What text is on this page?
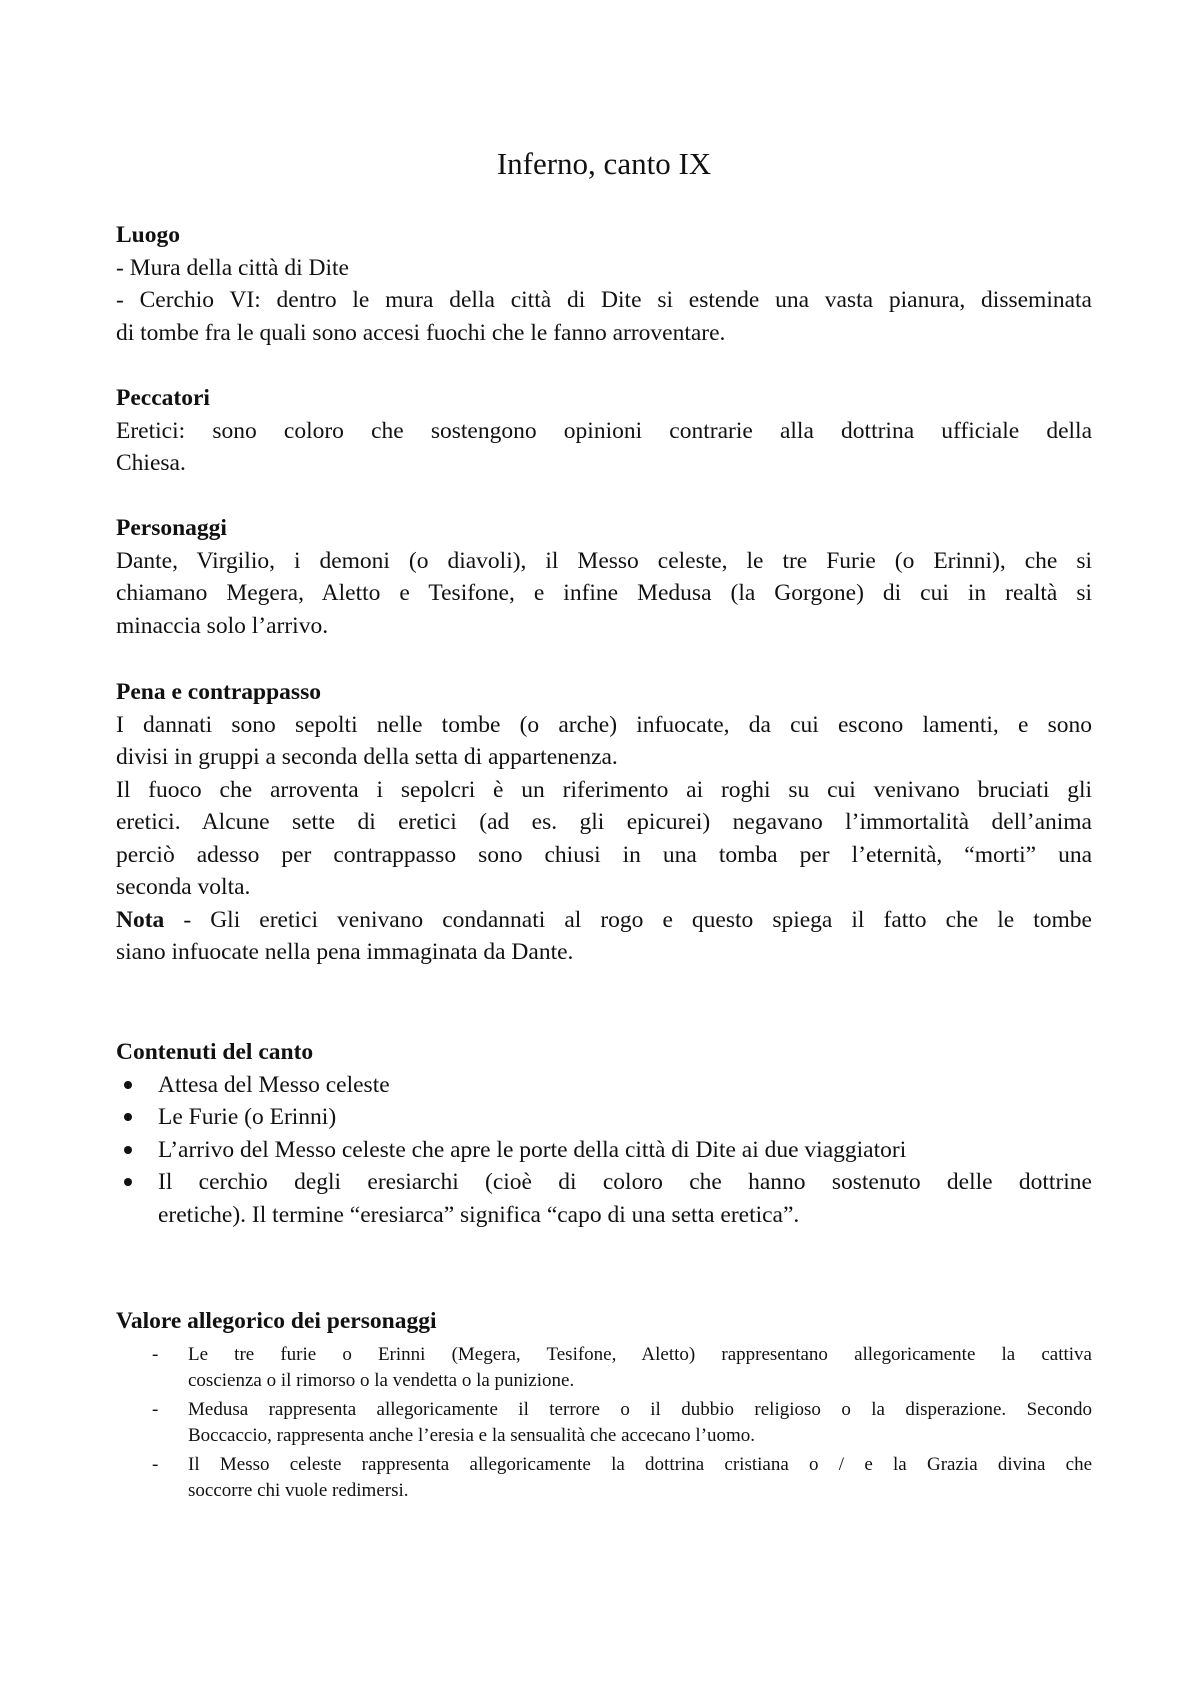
Inferno, canto IX

Luogo

- Mura della città di Dite

- Cerchio VI: dentro le mura della città di Dite si estende una vasta pianura, disseminata

di tombe fra le quali sono accesi fuochi che le fanno arroventare.

Peccatori

Eretici: sono coloro che sostengono opinioni contrarie alla dottrina ufficiale della

Chiesa.

Personaggi

Dante, Virgilio, i demoni (o diavoli), il Messo celeste, le tre Furie (o Erinni), che si

chiamano Megera, Aletto e Tesifone, e infine Medusa (la Gorgone) di cui in realtà si

minaccia solo l’arrivo.

Pena e contrappasso

I dannati sono sepolti nelle tombe (o arche) infuocate, da cui escono lamenti, e sono

divisi in gruppi a seconda della setta di appartenenza.

Il fuoco che arroventa i sepolcri è un riferimento ai roghi su cui venivano bruciati gli

eretici. Alcune sette di eretici (ad es. gli epicurei) negavano l’immortalità dell’anima

perciò adesso per contrappasso sono chiusi in una tomba per l’eternità, “morti” una

seconda volta.

Nota - Gli eretici venivano condannati al rogo e questo spiega il fatto che le tombe

siano infuocate nella pena immaginata da Dante.

Contenuti del canto

Attesa del Messo celeste
Le Furie (o Erinni)
L’arrivo del Messo celeste che apre le porte della città di Dite ai due viaggiatori
Il cerchio degli eresiarchi (cioè di coloro che hanno sostenuto delle dottrine
eretiche). Il termine “eresiarca” significa “capo di una setta eretica”.

Valore allegorico dei personaggi

- Le tre furie o Erinni (Megera, Tesifone, Aletto) rappresentano allegoricamente la cattiva
coscienza o il rimorso o la vendetta o la punizione.
- Medusa rappresenta allegoricamente il terrore o il dubbio religioso o la disperazione. Secondo
Boccaccio, rappresenta anche l’eresia e la sensualità che accecano l’uomo.
- Il Messo celeste rappresenta allegoricamente la dottrina cristiana o / e la Grazia divina che
soccorre chi vuole redimersi.
